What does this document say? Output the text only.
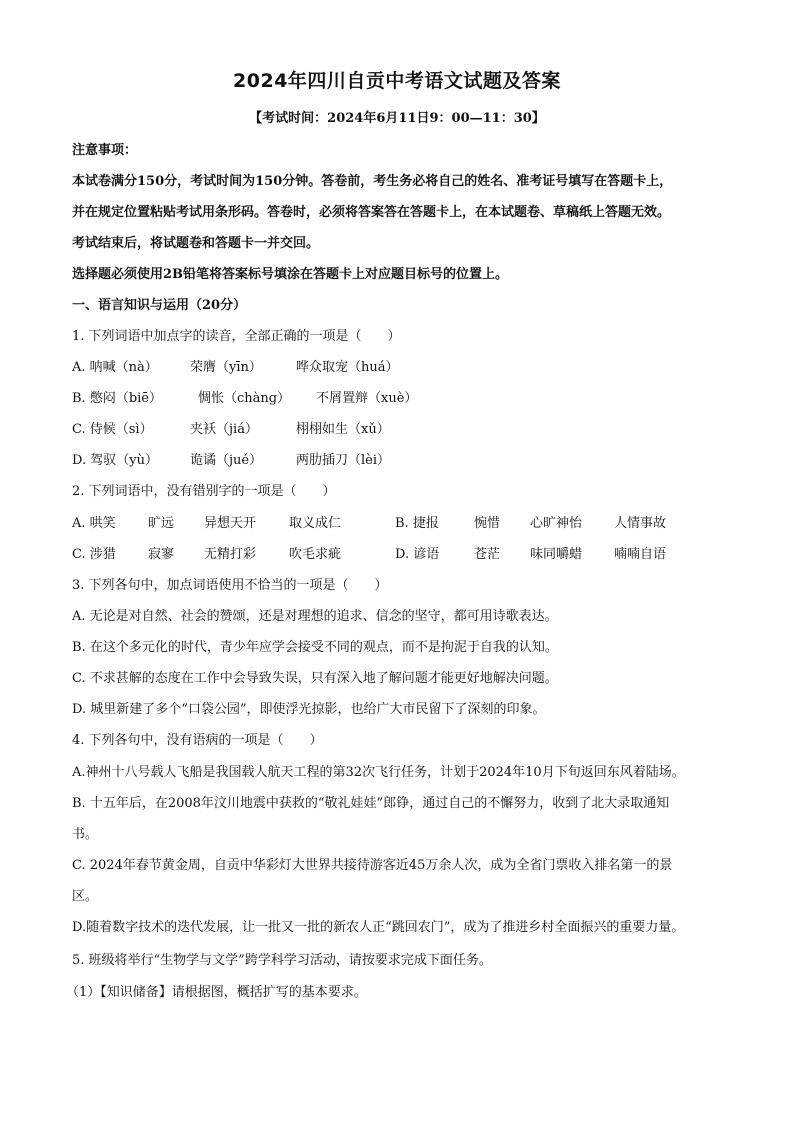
2024年四川自贡中考语文试题及答案
【考试时间：2024年6月11日9：00—11：30】
注意事项：
本试卷满分150分，考试时间为150分钟。答卷前，考生务必将自己的姓名、准考证号填写在答题卡上，
并在规定位置粘贴考试用条形码。答卷时，必须将答案答在答题卡上，在本试题卷、草稿纸上答题无效。
考试结束后，将试题卷和答题卡一并交回。
选择题必须使用2B铅笔将答案标号填涂在答题卡上对应题目标号的位置上。
一、语言知识与运用（20分）
1. 下列词语中加点字的读音，全部正确的一项是（　　）
A. 呐喊（nà） 荣膺（yīn）	哗众取宠（huá）
B. 憋闷（biē）	惆怅（chàng） 不屑置辩（xuè）
C. 侍候（sì）	夹袄（jiá）	栩栩如生（xǔ）
D. 驾驭（yù） 诡谲（jué）	两肋插刀（lèi）
2. 下列词语中，没有错别字的一项是（　　）
A. 哄笑 旷远 异想天开	取义成仁	B. 捷报	惋惜 心旷神怡 人情事故
C. 涉猎 寂寥 无精打彩	吹毛求疵	D. 谚语	苍茫 味同嚼蜡 喃喃自语
3. 下列各句中，加点词语使用不恰当的一项是（　　）
A. 无论是对自然、社会的赞颂，还是对理想的追求、信念的坚守，都可用诗歌表达。
B. 在这个多元化的时代，青少年应学会接受不同的观点，而不是拘泥于自我的认知。
C. 不求甚解的态度在工作中会导致失误，只有深入地了解问题才能更好地解决问题。
D. 城里新建了多个“口袋公园”，即使浮光掠影，也给广大市民留下了深刻的印象。
4. 下列各句中，没有语病的一项是（　　）
A.神州十八号载人飞船是我国载人航天工程的第32次飞行任务，计划于2024年10月下旬返回东风着陆场。
B. 十五年后，在2008年汶川地震中获救的“敬礼娃娃”郎铮，通过自己的不懈努力，收到了北大录取通知
书。
C. 2024年春节黄金周，自贡中华彩灯大世界共接待游客近45万余人次，成为全省门票收入排名第一的景
区。
D.随着数字技术的迭代发展，让一批又一批的新农人正“跳回农门”，成为了推进乡村全面振兴的重要力量。
5. 班级将举行“生物学与文学”跨学科学习活动，请按要求完成下面任务。
（1）【知识储备】请根据图，概括扩写的基本要求。
